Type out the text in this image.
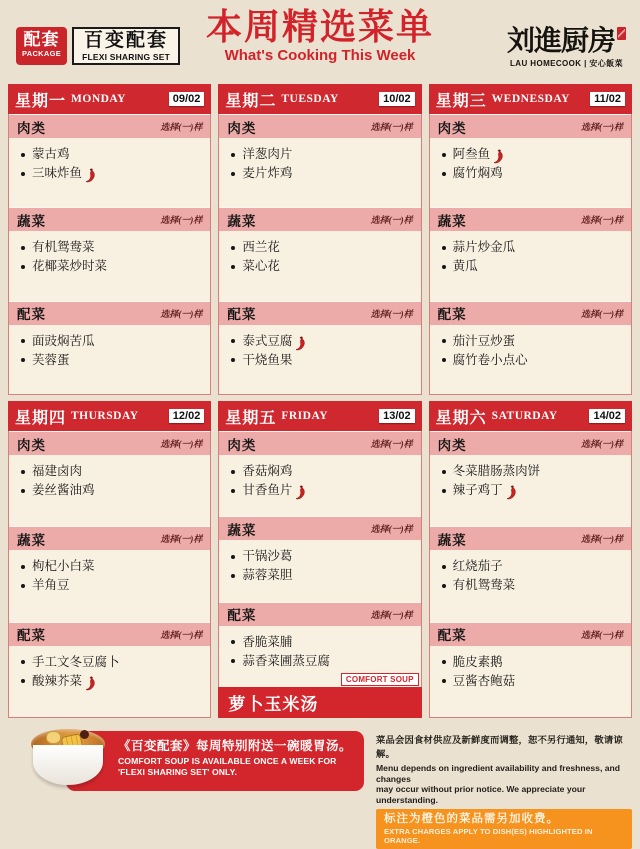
配套
PACKAGE
百变配套
FLEXI SHARING SET
本周精选菜单
What's Cooking This Week	刘進厨房
LAU HOMECOOK | 安心飯菜
星期一 MONDAY	09/02
肉类	选择(一)样
蒙古鸡
三味炸鱼
蔬菜	选择(一)样
有机鸳鸯菜
花椰菜炒时菜
配菜	选择(一)样
面豉焖苦瓜
芙蓉蛋
星期二 TUESDAY	10/02
肉类	选择(一)样
洋葱肉片
麦片炸鸡
蔬菜	选择(一)样
西兰花
菜心花
配菜	选择(一)样
泰式豆腐
干烧鱼果
星期三 WEDNESDAY	11/02
肉类	选择(一)样
阿叁鱼
腐竹焖鸡
蔬菜	选择(一)样
蒜片炒金瓜
黄瓜
配菜	选择(一)样
茄汁豆炒蛋
腐竹卷小点心
星期四 THURSDAY	12/02
肉类	选择(一)样
福建卤肉
姜丝酱油鸡
蔬菜	选择(一)样
枸杞小白菜
羊角豆
配菜	选择(一)样
手工文冬豆腐卜
酸辣芥菜
星期五 FRIDAY	13/02
肉类	选择(一)样
香菇焖鸡
甘香鱼片
蔬菜	选择(一)样
干锅沙葛
蒜蓉菜胆
配菜	选择(一)样
香脆菜脯
蒜香菜圃蒸豆腐
COMFORT SOUP
萝卜玉米汤
星期六 SATURDAY	14/02
肉类	选择(一)样
冬菜腊肠蒸肉饼
辣子鸡丁
蔬菜	选择(一)样
红烧茄子
有机鸳鸯菜
配菜	选择(一)样
脆皮素鹅
豆酱杏鲍菇
《百变配套》每周特别附送一碗暖胃汤。
COMFORT SOUP IS AVAILABLE ONCE A WEEK FOR
'FLEXI SHARING SET' ONLY.
菜品会因食材供应及新鲜度而调整，恕不另行通知，敬请谅解。
Menu depends on ingredient availability and freshness, and changes
may occur without prior notice. We appreciate your understanding.
标注为橙色的菜品需另加收费。
EXTRA CHARGES APPLY TO DISH(ES) HIGHLIGHTED IN ORANGE.
